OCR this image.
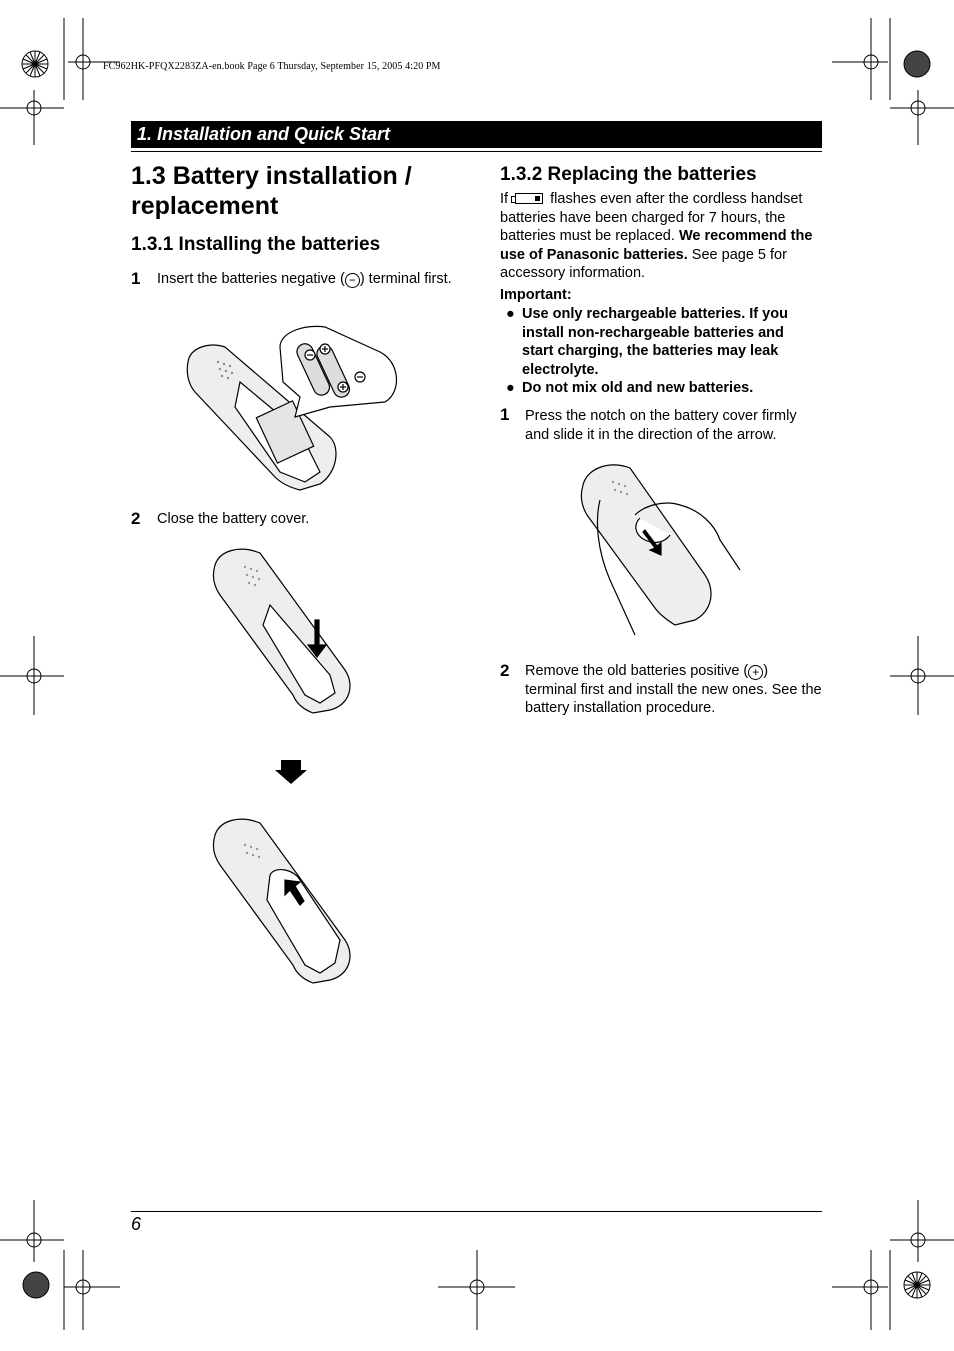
FC962HK-PFQX2283ZA-en.book Page 6 Thursday, September 15, 2005 4:20 PM
1. Installation and Quick Start
1.3 Battery installation / replacement
1.3.1 Installing the batteries
1 Insert the batteries negative ( − ) terminal first.
2 Close the battery cover.
1.3.2 Replacing the batteries
If	flashes even after the cordless handset batteries have been charged for 7 hours, the batteries must be replaced. We recommend the use of Panasonic batteries. See page 5 for accessory information.
Important:
● Use only rechargeable batteries. If you install non-rechargeable batteries and start charging, the batteries may leak electrolyte.
● Do not mix old and new batteries.
1 Press the notch on the battery cover firmly and slide it in the direction of the arrow.
2 Remove the old batteries positive ( + ) terminal first and install the new ones. See the battery installation procedure.
6
